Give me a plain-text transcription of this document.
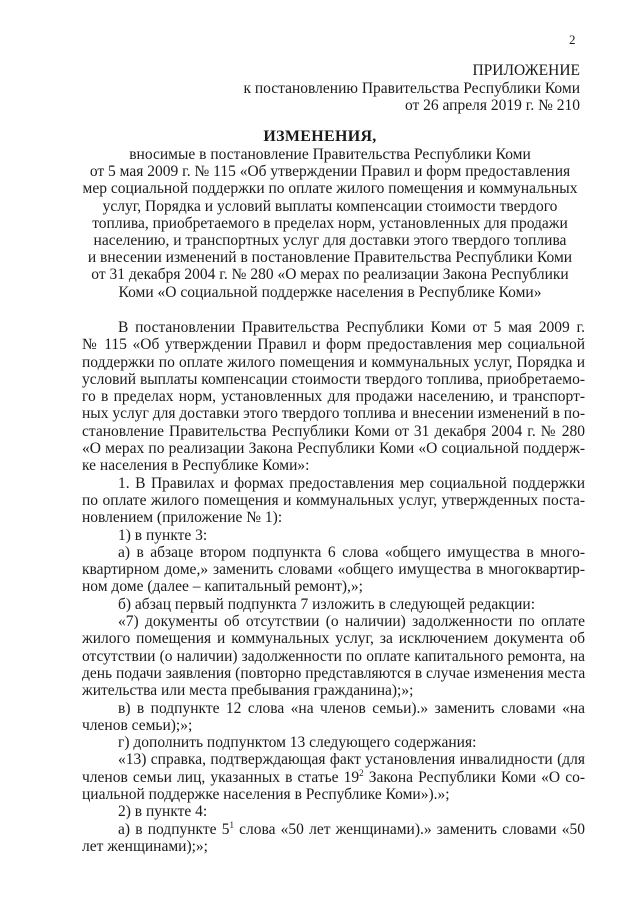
2
ПРИЛОЖЕНИЕ
к постановлению Правительства Республики Коми
от 26 апреля 2019 г. № 210
ИЗМЕНЕНИЯ,
вносимые в постановление Правительства Республики Коми
от 5 мая 2009 г. № 115 «Об утверждении Правил и форм предоставления
мер социальной поддержки по оплате жилого помещения и коммунальных
услуг, Порядка и условий выплаты компенсации стоимости твердого
топлива, приобретаемого в пределах норм, установленных для продажи
населению, и транспортных услуг для доставки этого твердого топлива
и внесении изменений в постановление Правительства Республики Коми
от 31 декабря 2004 г. № 280 «О мерах по реализации Закона Республики
Коми «О социальной поддержке населения в Республике Коми»
В постановлении Правительства Республики Коми от 5 мая 2009 г.
№ 115 «Об утверждении Правил и форм предоставления мер социальной
поддержки по оплате жилого помещения и коммунальных услуг, Порядка и
условий выплаты компенсации стоимости твердого топлива, приобретаемо-
го в пределах норм, установленных для продажи населению, и транспорт-
ных услуг для доставки этого твердого топлива и внесении изменений в по-
становление Правительства Республики Коми от 31 декабря 2004 г. № 280
«О мерах по реализации Закона Республики Коми «О социальной поддерж-
ке населения в Республике Коми»:
1. В Правилах и формах предоставления мер социальной поддержки
по оплате жилого помещения и коммунальных услуг, утвержденных поста-
новлением (приложение № 1):
1) в пункте 3:
а) в абзаце втором подпункта 6 слова «общего имущества в много-
квартирном доме,» заменить словами «общего имущества в многоквартир-
ном доме (далее – капитальный ремонт),»;
б) абзац первый подпункта 7 изложить в следующей редакции:
«7) документы об отсутствии (о наличии) задолженности по оплате
жилого помещения и коммунальных услуг, за исключением документа об
отсутствии (о наличии) задолженности по оплате капитального ремонта, на
день подачи заявления (повторно представляются в случае изменения места
жительства или места пребывания гражданина);»;
в) в подпункте 12 слова «на членов семьи).» заменить словами «на
членов семьи);»;
г) дополнить подпунктом 13 следующего содержания:
«13) справка, подтверждающая факт установления инвалидности (для
членов семьи лиц, указанных в статье $19^2$ Закона Республики Коми «О со-
циальной поддержке населения в Республике Коми»).»;
2) в пункте 4:
а) в подпункте $5^1$ слова «50 лет женщинами).» заменить словами «50
лет женщинами);»;
